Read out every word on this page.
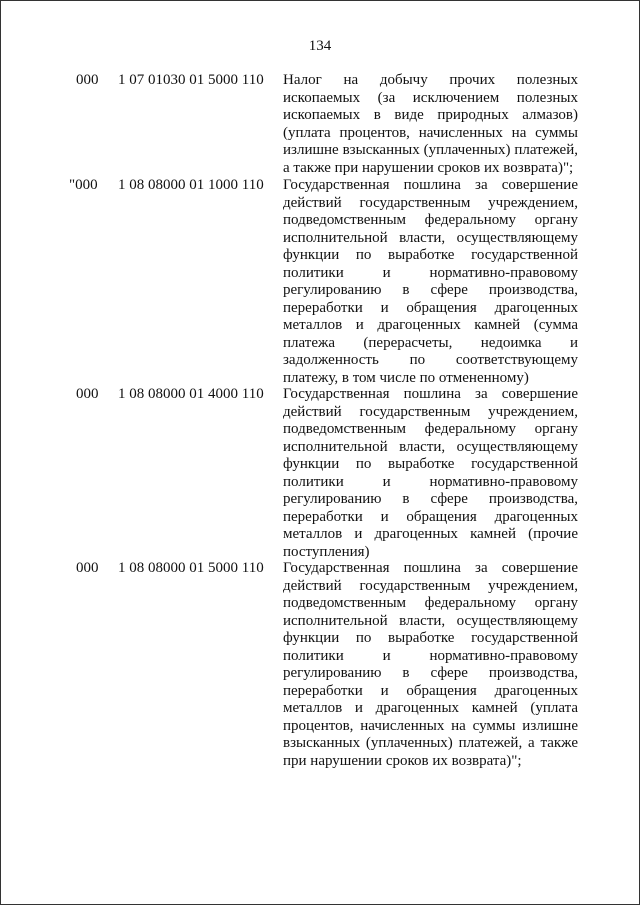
134
000 1 07 01030 01 5000 110 Налог на добычу прочих полезных ископаемых (за исключением полезных ископаемых в виде природных алмазов) (уплата процентов, начисленных на суммы излишне взысканных (уплаченных) платежей, а также при нарушении сроков их возврата)";
"000 1 08 08000 01 1000 110 Государственная пошлина за совершение действий государственным учреждением, подведомственным федеральному органу исполнительной власти, осуществляющему функции по выработке государственной политики и нормативно-правовому регулированию в сфере производства, переработки и обращения драгоценных металлов и драгоценных камней (сумма платежа (перерасчеты, недоимка и задолженность по соответствующему платежу, в том числе по отмененному)
000 1 08 08000 01 4000 110 Государственная пошлина за совершение действий государственным учреждением, подведомственным федеральному органу исполнительной власти, осуществляющему функции по выработке государственной политики и нормативно-правовому регулированию в сфере производства, переработки и обращения драгоценных металлов и драгоценных камней (прочие поступления)
000 1 08 08000 01 5000 110 Государственная пошлина за совершение действий государственным учреждением, подведомственным федеральному органу исполнительной власти, осуществляющему функции по выработке государственной политики и нормативно-правовому регулированию в сфере производства, переработки и обращения драгоценных металлов и драгоценных камней (уплата процентов, начисленных на суммы излишне взысканных (уплаченных) платежей, а также при нарушении сроков их возврата)";
